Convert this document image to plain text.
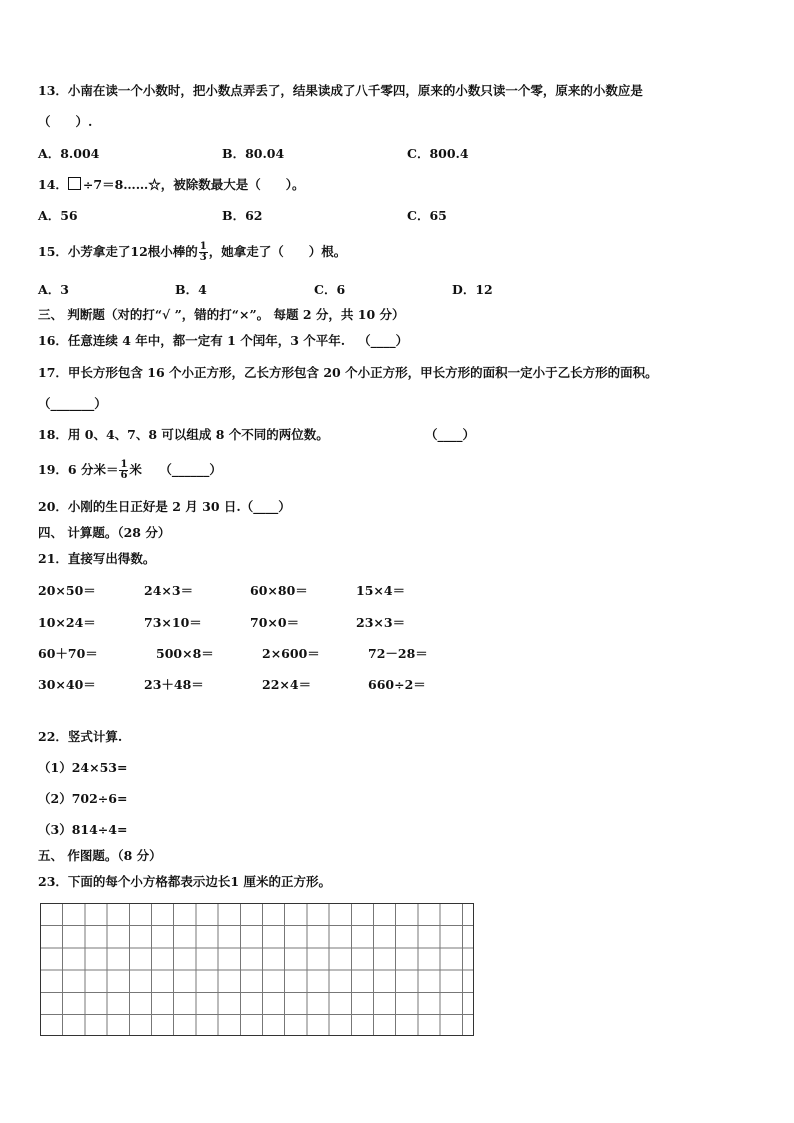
13．小南在读一个小数时，把小数点弄丢了，结果读成了八千零四，原来的小数只读一个零，原来的小数应是
（　　）.
A．8.004	B．80.04	C．800.4
14． ÷7＝8……☆，被除数最大是（　　）。
A．56	B．62	C．65
15．小芳拿走了12根小棒的 $\frac{1}{3}$ ，她拿走了（　　）根。
A．3	B．4	C．6	D．12
三、 判断题（对的打“√ ”，错的打“×”。 每题 2 分，共 10 分）
16．任意连续 4 年中，都一定有 1 个闰年，3 个平年. （____）
17．甲长方形包含 16 个小正方形，乙长方形包含 20 个小正方形，甲长方形的面积一定小于乙长方形的面积。
（_______）
18．用 0、4、7、8 可以组成 8 个不同的两位数。	（____）
19．6 分米＝ $\frac{1}{6}$ 米 （______）
20．小刚的生日正好是 2 月 30 日.（____）
四、 计算题。（28 分）
21．直接写出得数。
20×50＝	24×3＝	60×80＝	15×4＝
10×24＝	73×10＝	70×0＝	23×3＝
60＋70＝	500×8＝	2×600＝	72－28＝
30×40＝	23＋48＝	22×4＝	660÷2＝
22．竖式计算.
（1）24×53=
（2）702÷6=
（3）814÷4=
五、 作图题。（8 分）
23．下面的每个小方格都表示边长1 厘米的正方形。
